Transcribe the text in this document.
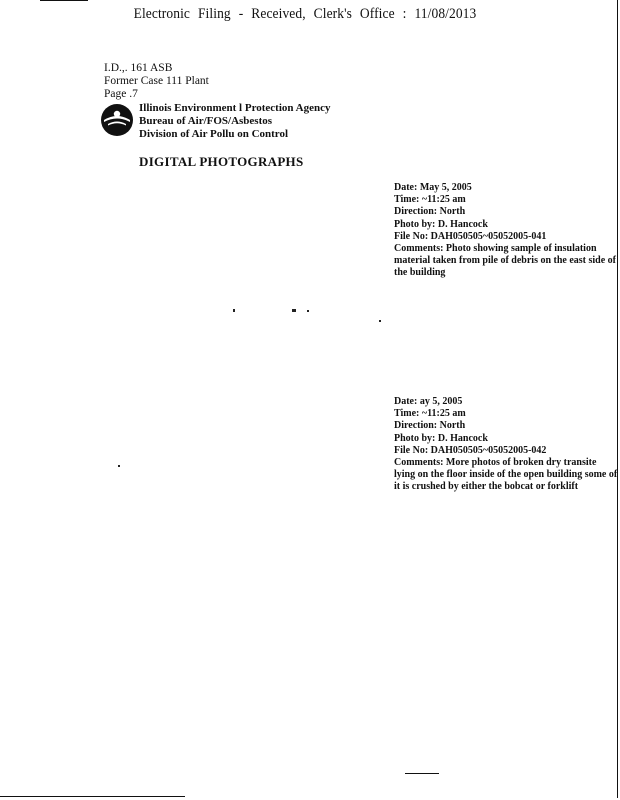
Electronic Filing - Received, Clerk's Office : 11/08/2013
I.D.,. 161 ASB
Former Case 111 Plant
Page .7
Illinois Environment l Protection Agency
Bureau of Air/FOS/Asbestos
Division of Air Pollu on Control
DIGITAL PHOTOGRAPHS
Date: May 5, 2005
Time: ~11:25 am
Direction: North
Photo by: D. Hancock
File No: DAH050505~05052005-041
Comments: Photo showing sample of insulation material taken from pile of debris on the east side of the building
Date: ay 5, 2005
Time: ~11:25 am
Direction: North
Photo by: D. Hancock
File No: DAH050505~05052005-042
Comments: More photos of broken dry transite lying on the floor inside of the open building some of it is crushed by either the bobcat or forklift
